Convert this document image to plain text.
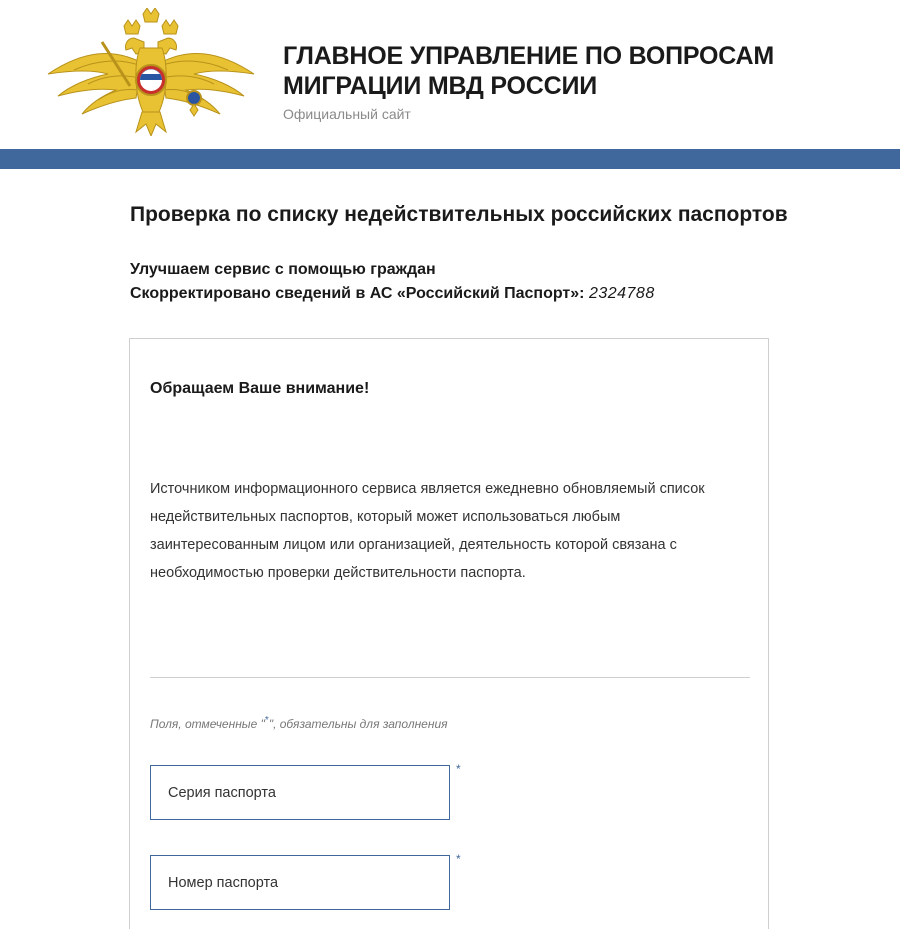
ГЛАВНОЕ УПРАВЛЕНИЕ ПО ВОПРОСАМ
МИГРАЦИИ МВД РОССИИ
Официальный сайт
Проверка по списку недействительных российских паспортов
Улучшаем сервис с помощью граждан
Скорректировано сведений в АС «Российский Паспорт»: 2324788
Обращаем Ваше внимание!

Источником информационного сервиса является ежедневно обновляемый список недействительных паспортов, который может использоваться любым заинтересованным лицом или организацией, деятельность которой связана с необходимостью проверки действительности паспорта.

Поля, отмеченные "*", обязательны для заполнения
Серия паспорта
*
Номер паспорта
*
